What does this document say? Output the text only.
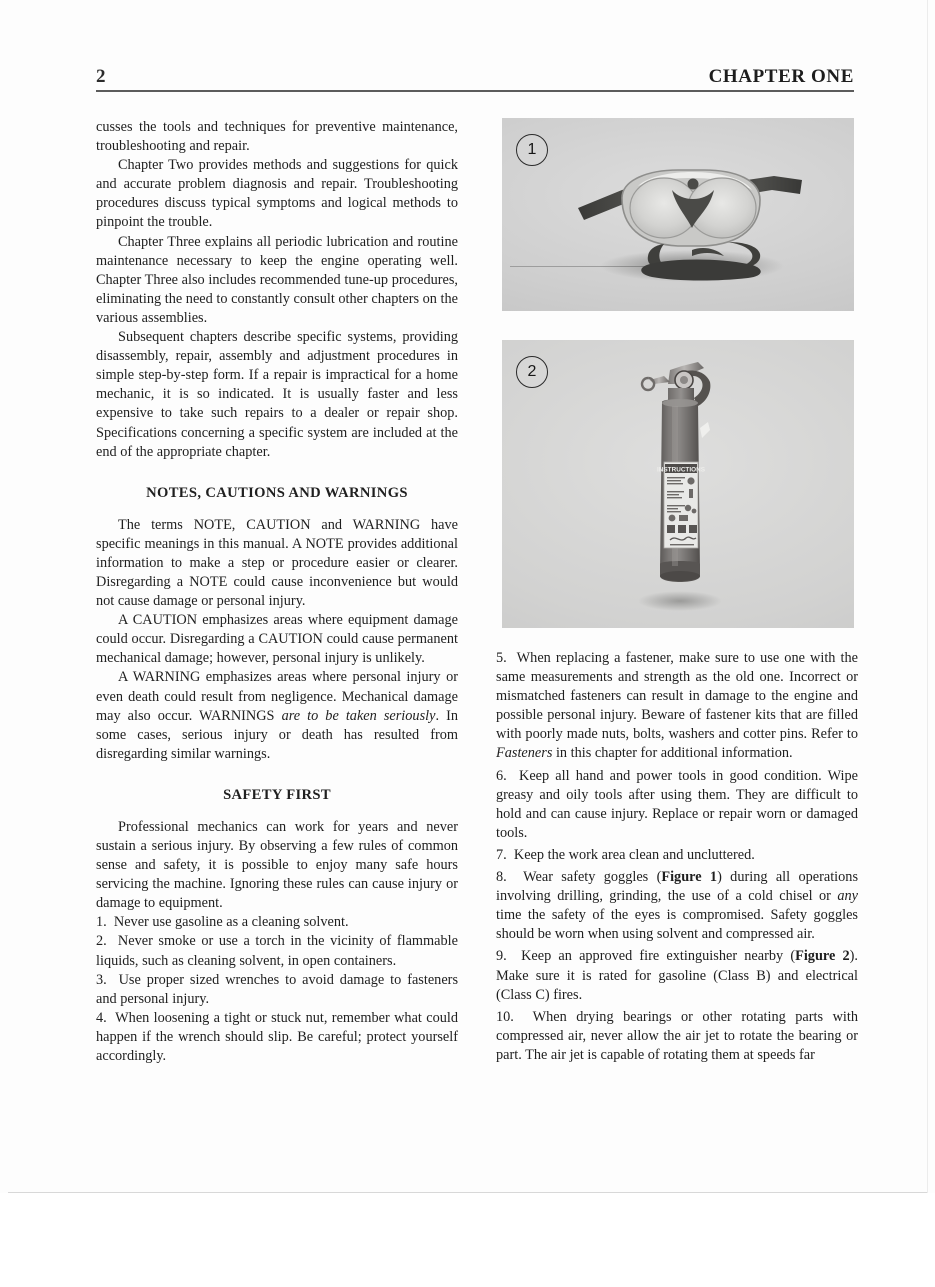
2	CHAPTER ONE

cusses the tools and techniques for preventive maintenance, troubleshooting and repair.

Chapter Two provides methods and suggestions for quick and accurate problem diagnosis and repair. Troubleshooting procedures discuss typical symptoms and logical methods to pinpoint the trouble.

Chapter Three explains all periodic lubrication and routine maintenance necessary to keep the engine operating well. Chapter Three also includes recommended tune-up procedures, eliminating the need to constantly consult other chapters on the various assemblies.

Subsequent chapters describe specific systems, providing disassembly, repair, assembly and adjustment procedures in simple step-by-step form. If a repair is impractical for a home mechanic, it is so indicated. It is usually faster and less expensive to take such repairs to a dealer or repair shop. Specifications concerning a specific system are included at the end of the appropriate chapter.

NOTES, CAUTIONS AND WARNINGS

The terms NOTE, CAUTION and WARNING have specific meanings in this manual. A NOTE provides additional information to make a step or procedure easier or clearer. Disregarding a NOTE could cause inconvenience but would not cause damage or personal injury.

A CAUTION emphasizes areas where equipment damage could occur. Disregarding a CAUTION could cause permanent mechanical damage; however, personal injury is unlikely.

A WARNING emphasizes areas where personal injury or even death could result from negligence. Mechanical damage may also occur. WARNINGS are to be taken seriously. In some cases, serious injury or death has resulted from disregarding similar warnings.

SAFETY FIRST

Professional mechanics can work for years and never sustain a serious injury. By observing a few rules of common sense and safety, it is possible to enjoy many safe hours servicing the machine. Ignoring these rules can cause injury or damage to equipment.

1. Never use gasoline as a cleaning solvent.

2. Never smoke or use a torch in the vicinity of flammable liquids, such as cleaning solvent, in open containers.

3. Use proper sized wrenches to avoid damage to fasteners and personal injury.

4. When loosening a tight or stuck nut, remember what could happen if the wrench should slip. Be careful; protect yourself accordingly.

5. When replacing a fastener, make sure to use one with the same measurements and strength as the old one. Incorrect or mismatched fasteners can result in damage to the engine and possible personal injury. Beware of fastener kits that are filled with poorly made nuts, bolts, washers and cotter pins. Refer to Fasteners in this chapter for additional information.

6. Keep all hand and power tools in good condition. Wipe greasy and oily tools after using them. They are difficult to hold and can cause injury. Replace or repair worn or damaged tools.

7. Keep the work area clean and uncluttered.

8. Wear safety goggles (Figure 1) during all operations involving drilling, grinding, the use of a cold chisel or any time the safety of the eyes is compromised. Safety goggles should be worn when using solvent and compressed air.

9. Keep an approved fire extinguisher nearby (Figure 2). Make sure it is rated for gasoline (Class B) and electrical (Class C) fires.

10. When drying bearings or other rotating parts with compressed air, never allow the air jet to rotate the bearing or part. The air jet is capable of rotating them at speeds far

1
INSTRUCTIONS
2
